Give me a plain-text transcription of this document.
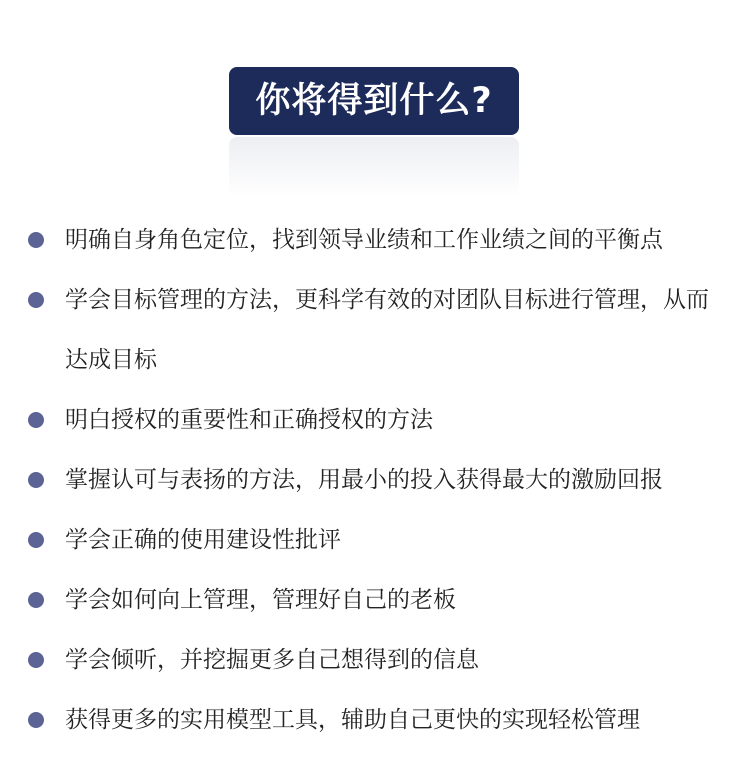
你将得到什么?
明确自身角色定位，找到领导业绩和工作业绩之间的平衡点
学会目标管理的方法，更科学有效的对团队目标进行管理，从而达成目标
明白授权的重要性和正确授权的方法
掌握认可与表扬的方法，用最小的投入获得最大的激励回报
学会正确的使用建设性批评
学会如何向上管理，管理好自己的老板
学会倾听，并挖掘更多自己想得到的信息
获得更多的实用模型工具，辅助自己更快的实现轻松管理
